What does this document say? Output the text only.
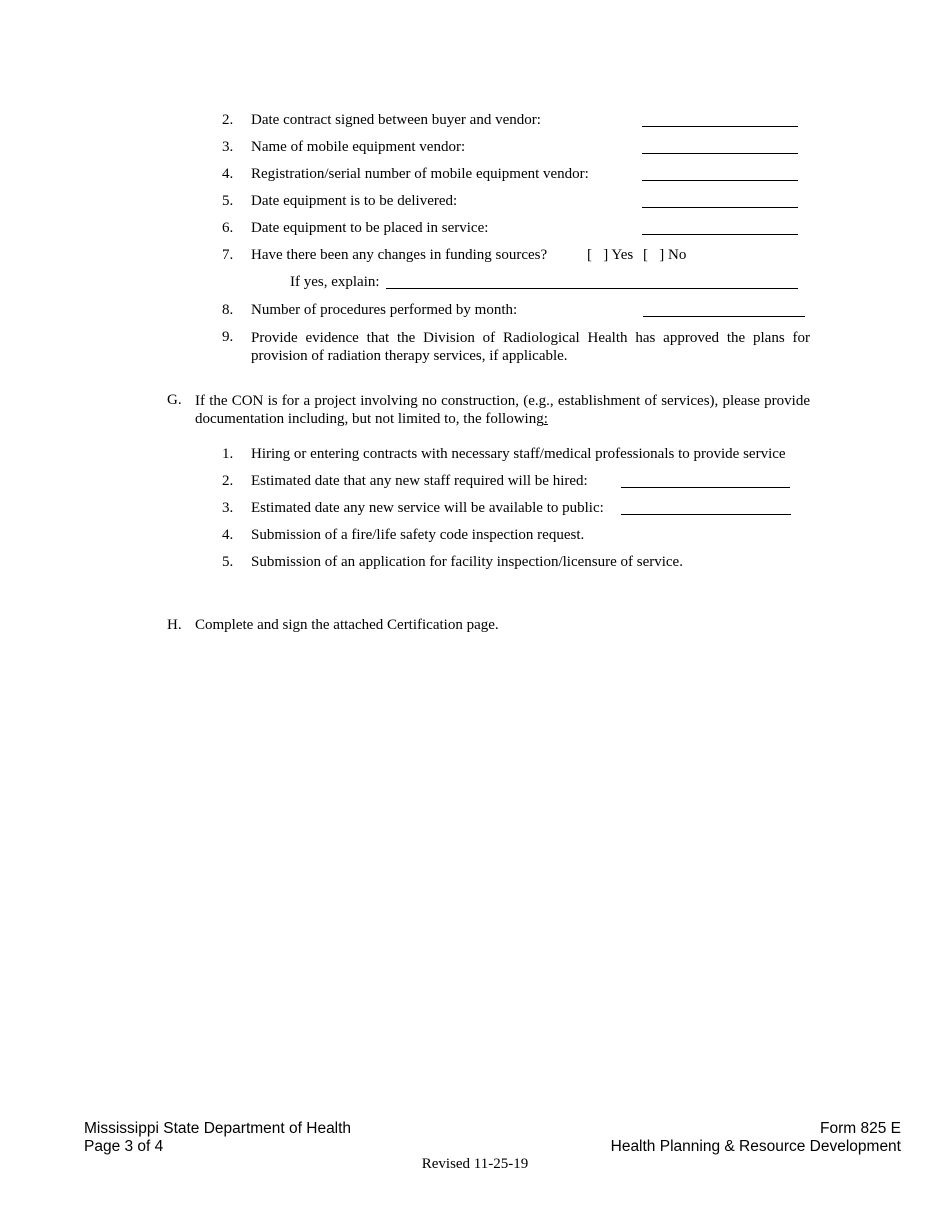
2. Date contract signed between buyer and vendor:
3. Name of mobile equipment vendor:
4. Registration/serial number of mobile equipment vendor:
5. Date equipment is to be delivered:
6. Date equipment to be placed in service:
7. Have there been any changes in funding sources?	[   ] Yes [   ] No
If yes, explain:
8. Number of procedures performed by month:
9. Provide evidence that the Division of Radiological Health has approved the plans for provision of radiation therapy services, if applicable.
G. If the CON is for a project involving no construction, (e.g., establishment of services), please provide documentation including, but not limited to, the following:
1. Hiring or entering contracts with necessary staff/medical professionals to provide service
2. Estimated date that any new staff required will be hired:
3. Estimated date any new service will be available to public:
4. Submission of a fire/life safety code inspection request.
5. Submission of an application for facility inspection/licensure of service.
H. Complete and sign the attached Certification page.
Mississippi State Department of Health
Page 3 of 4
Form 825 E
Health Planning & Resource Development
Revised 11-25-19
